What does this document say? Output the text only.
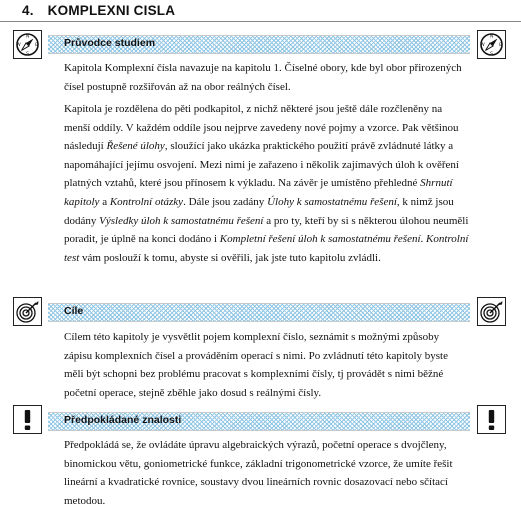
4. KOMPLEXNI CISLA
N
S
W	E
N
S
W	E
Průvodce studiem
Kapitola Komplexní čísla navazuje na kapitolu 1. Číselné obory, kde byl obor přirozených
čísel postupně rozšiřován až na obor reálných čísel.
Kapitola je rozdělena do pěti podkapitol, z nichž některé jsou ještě dále rozčleněny na
menší oddíly. V každém oddíle jsou nejprve zavedeny nové pojmy a vzorce. Pak většinou
následují Řešené úlohy, sloužící jako ukázka praktického použití právě zvládnuté látky a
napomáhající jejímu osvojení. Mezi nimi je zařazeno i několik zajímavých úloh k ověření
platných vztahů, které jsou přínosem k výkladu. Na závěr je umístěno přehledné Shrnutí
kapitoly a Kontrolní otázky. Dále jsou zadány Úlohy k samostatnému řešení, k nimž jsou
dodány Výsledky úloh k samostatnému řešení a pro ty, kteří by si s některou úlohou neuměli
poradit, je úplně na konci dodáno i Kompletní řešení úloh k samostatnému řešení. Kontrolní
test vám poslouží k tomu, abyste si ověřili, jak jste tuto kapitolu zvládli.
Cíle
Cílem této kapitoly je vysvětlit pojem komplexní číslo, seznámit s možnými způsoby
zápisu komplexních čísel a prováděním operací s nimi. Po zvládnutí této kapitoly byste
měli být schopni bez problému pracovat s komplexními čísly, tj provádět s nimi běžné
početní operace, stejně zběhle jako dosud s reálnými čísly.
Předpokládané znalosti
Předpokládá se, že ovládáte úpravu algebraických výrazů, početní operace s dvojčleny,
binomickou větu, goniometrické funkce, základní trigonometrické vzorce, že umíte řešit
lineární a kvadratické rovnice, soustavy dvou lineárních rovnic dosazovací nebo sčítací
metodou.
